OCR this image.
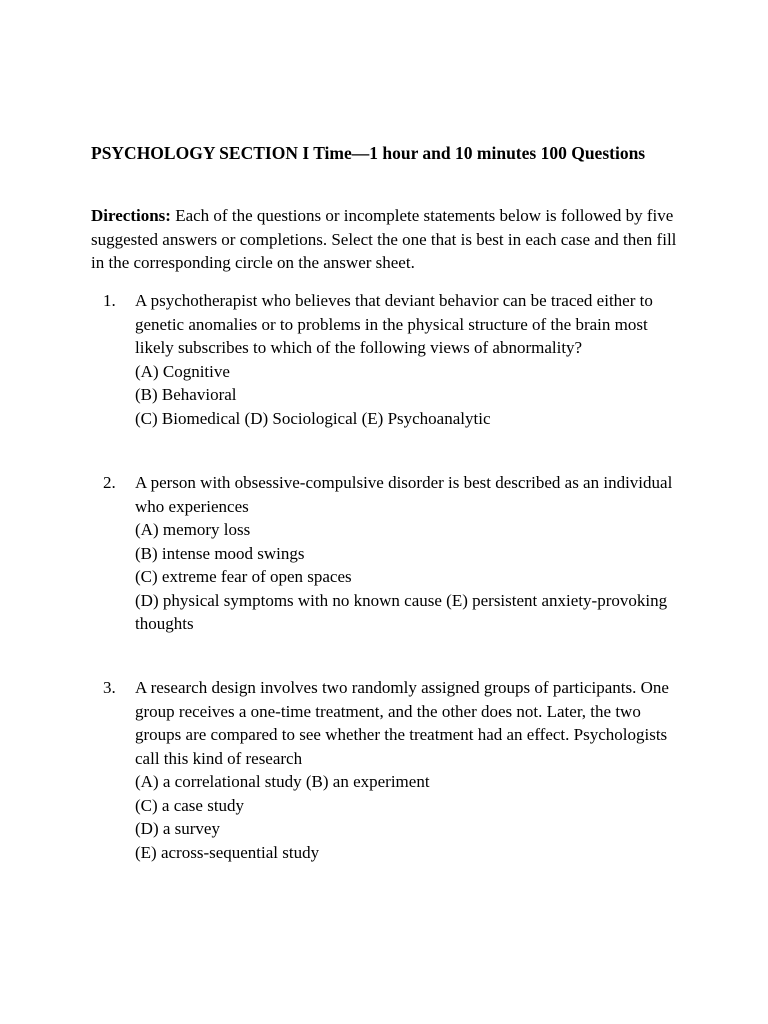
PSYCHOLOGY SECTION I Time—1 hour and 10 minutes 100 Questions

Directions: Each of the questions or incomplete statements below is followed by five suggested answers or completions. Select the one that is best in each case and then fill in the corresponding circle on the answer sheet.

1.	A psychotherapist who believes that deviant behavior can be traced either to genetic anomalies or to problems in the physical structure of the brain most likely subscribes to which of the following views of abnormality?
(A) Cognitive
(B) Behavioral
(C) Biomedical (D) Sociological (E) Psychoanalytic
2.	A person with obsessive-compulsive disorder is best described as an individual who experiences
(A) memory loss
(B) intense mood swings
(C) extreme fear of open spaces
(D) physical symptoms with no known cause (E) persistent anxiety-provoking thoughts
3.	A research design involves two randomly assigned groups of participants. One group receives a one-time treatment, and the other does not. Later, the two groups are compared to see whether the treatment had an effect. Psychologists call this kind of research
(A) a correlational study (B) an experiment
(C) a case study
(D) a survey
(E) across-sequential study
